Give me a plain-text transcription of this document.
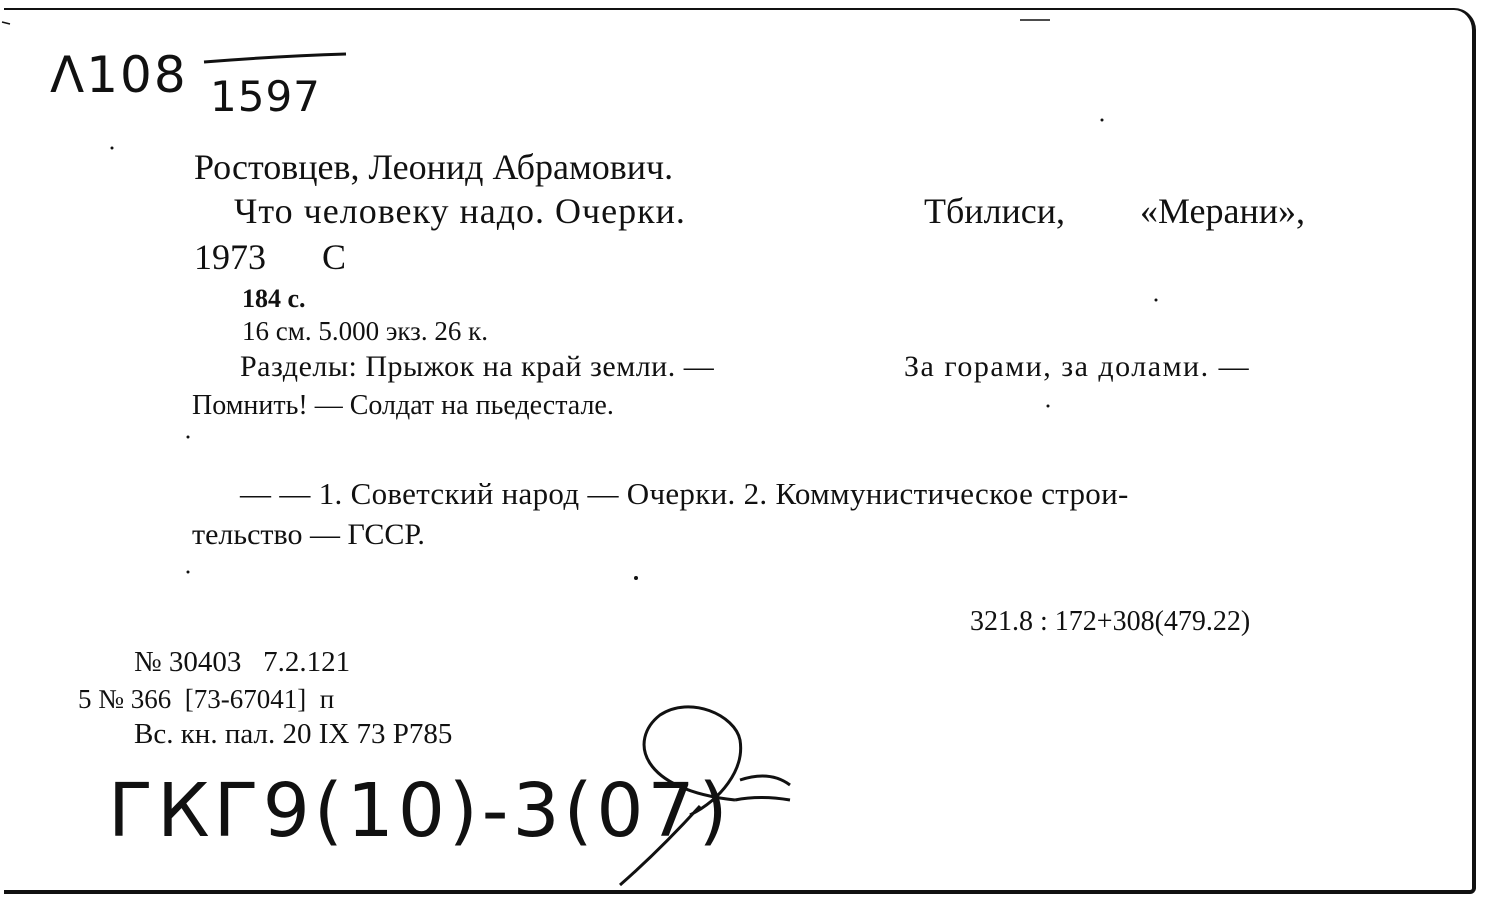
Λ108 1597
Ростовцев, Леонид Абрамович.
Что человеку надо. Очерки.	Тбилиси, «Мерани»,
1973 С
184 с.
16 см. 5.000 экз. 26 к.
Разделы: Прыжок на край земли. —	За горами, за долами. —
Помнить! — Солдат на пьедестале.
— — 1. Советский народ — Очерки. 2. Коммунистическое строи-
тельство — ГССР.
321.8 : 172+308(479.22)
№ 30403   7.2.121
5 № 366  [73-67041]  п
Вс. кн. пал. 20 IX 73 Р785
ГКГ9(10)-3(07)
